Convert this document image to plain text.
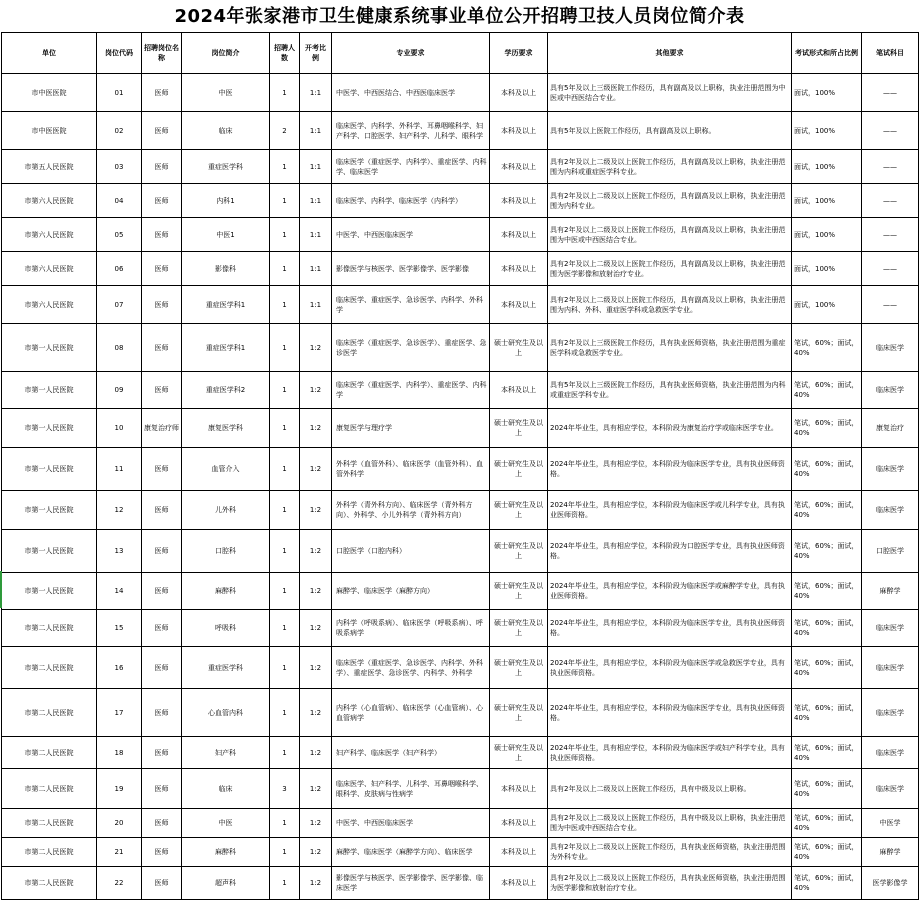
2024年张家港市卫生健康系统事业单位公开招聘卫技人员岗位简介表
单位	岗位代码	招聘岗位名称	岗位简介	招聘人数	开考比例	专业要求	学历要求	其他要求	考试形式和所占比例	笔试科目
市中医医院	01	医师	中医	1	1:1	中医学、中西医结合、中西医临床医学	本科及以上	具有5年及以上三级医院工作经历，具有副高及以上职称，执业注册范围为中医或中西医结合专业。	面试，100%	——
市中医医院	02	医师	临床	2	1:1	临床医学、内科学、外科学、耳鼻咽喉科学、妇产科学、口腔医学、妇产科学、儿科学、眼科学	本科及以上	具有5年及以上医院工作经历，具有副高及以上职称。	面试，100%	——
市第五人民医院	03	医师	重症医学科	1	1:1	临床医学（重症医学、内科学）、重症医学、内科学、临床医学	本科及以上	具有2年及以上二级及以上医院工作经历，具有副高及以上职称，执业注册范围为内科或重症医学科专业。	面试，100%	——
市第六人民医院	04	医师	内科1	1	1:1	临床医学、内科学、临床医学（内科学）	本科及以上	具有2年及以上二级及以上医院工作经历，具有副高及以上职称，执业注册范围为内科专业。	面试，100%	——
市第六人民医院	05	医师	中医1	1	1:1	中医学、中西医临床医学	本科及以上	具有2年及以上二级及以上医院工作经历，具有副高及以上职称，执业注册范围为中医或中西医结合专业。	面试，100%	——
市第六人民医院	06	医师	影像科	1	1:1	影像医学与核医学、医学影像学、医学影像	本科及以上	具有2年及以上二级及以上医院工作经历，具有副高及以上职称，执业注册范围为医学影像和放射治疗专业。	面试，100%	——
市第六人民医院	07	医师	重症医学科1	1	1:1	临床医学、重症医学、急诊医学、内科学、外科学	本科及以上	具有2年及以上二级及以上医院工作经历，具有副高及以上职称，执业注册范围为内科、外科、重症医学科或急救医学专业。	面试，100%	——
市第一人民医院	08	医师	重症医学科1	1	1:2	临床医学（重症医学、急诊医学）、重症医学、急诊医学	硕士研究生及以上	具有2年及以上三级医院工作经历，具有执业医师资格，执业注册范围为重症医学科或急救医学专业。	笔试，60%；面试，40%	临床医学
市第一人民医院	09	医师	重症医学科2	1	1:2	临床医学（重症医学、内科学）、重症医学、内科学	本科及以上	具有5年及以上三级医院工作经历，具有执业医师资格，执业注册范围为内科或重症医学科专业。	笔试，60%；面试，40%	临床医学
市第一人民医院	10	康复治疗师	康复医学科	1	1:2	康复医学与理疗学	硕士研究生及以上	2024年毕业生，具有相应学位，本科阶段为康复治疗学或临床医学专业。	笔试，60%；面试，40%	康复治疗
市第一人民医院	11	医师	血管介入	1	1:2	外科学（血管外科）、临床医学（血管外科）、血管外科学	硕士研究生及以上	2024年毕业生，具有相应学位，本科阶段为临床医学专业，具有执业医师资格。	笔试，60%；面试，40%	临床医学
市第一人民医院	12	医师	儿外科	1	1:2	外科学（青外科方向）、临床医学（青外科方向）、外科学、小儿外科学（青外科方向）	硕士研究生及以上	2024年毕业生，具有相应学位，本科阶段为临床医学或儿科学专业，具有执业医师资格。	笔试，60%；面试，40%	临床医学
市第一人民医院	13	医师	口腔科	1	1:2	口腔医学（口腔内科）	硕士研究生及以上	2024年毕业生，具有相应学位，本科阶段为口腔医学专业，具有执业医师资格。	笔试，60%；面试，40%	口腔医学
市第一人民医院	14	医师	麻醉科	1	1:2	麻醉学、临床医学（麻醉方向）	硕士研究生及以上	2024年毕业生，具有相应学位，本科阶段为临床医学或麻醉学专业，具有执业医师资格。	笔试，60%；面试，40%	麻醉学
市第二人民医院	15	医师	呼吸科	1	1:2	内科学（呼吸系病）、临床医学（呼吸系病）、呼吸系病学	硕士研究生及以上	2024年毕业生，具有相应学位，本科阶段为临床医学专业，具有执业医师资格。	笔试，60%；面试，40%	临床医学
市第二人民医院	16	医师	重症医学科	1	1:2	临床医学（重症医学、急诊医学、内科学、外科学）、重症医学、急诊医学、内科学、外科学	硕士研究生及以上	2024年毕业生，具有相应学位，本科阶段为临床医学或急救医学专业，具有执业医师资格。	笔试，60%；面试，40%	临床医学
市第二人民医院	17	医师	心血管内科	1	1:2	内科学（心血管病）、临床医学（心血管病）、心血管病学	硕士研究生及以上	2024年毕业生，具有相应学位，本科阶段为临床医学专业，具有执业医师资格。	笔试，60%；面试，40%	临床医学
市第二人民医院	18	医师	妇产科	1	1:2	妇产科学、临床医学（妇产科学）	硕士研究生及以上	2024年毕业生，具有相应学位，本科阶段为临床医学或妇产科学专业，具有执业医师资格。	笔试，60%；面试，40%	临床医学
市第二人民医院	19	医师	临床	3	1:2	临床医学、妇产科学、儿科学、耳鼻咽喉科学、眼科学、皮肤病与性病学	本科及以上	具有2年及以上二级及以上医院工作经历，具有中级及以上职称。	笔试，60%；面试，40%	临床医学
市第二人民医院	20	医师	中医	1	1:2	中医学、中西医临床医学	本科及以上	具有2年及以上二级及以上医院工作经历，具有中级及以上职称，执业注册范围为中医或中西医结合专业。	笔试，60%；面试，40%	中医学
市第二人民医院	21	医师	麻醉科	1	1:2	麻醉学、临床医学（麻醉学方向）、临床医学	本科及以上	具有2年及以上二级及以上医院工作经历，具有执业医师资格，执业注册范围为外科专业。	笔试，60%；面试，40%	麻醉学
市第二人民医院	22	医师	超声科	1	1:2	影像医学与核医学、医学影像学、医学影像、临床医学	本科及以上	具有2年及以上二级及以上医院工作经历，具有执业医师资格，执业注册范围为医学影像和放射治疗专业。	笔试，60%；面试，40%	医学影像学
